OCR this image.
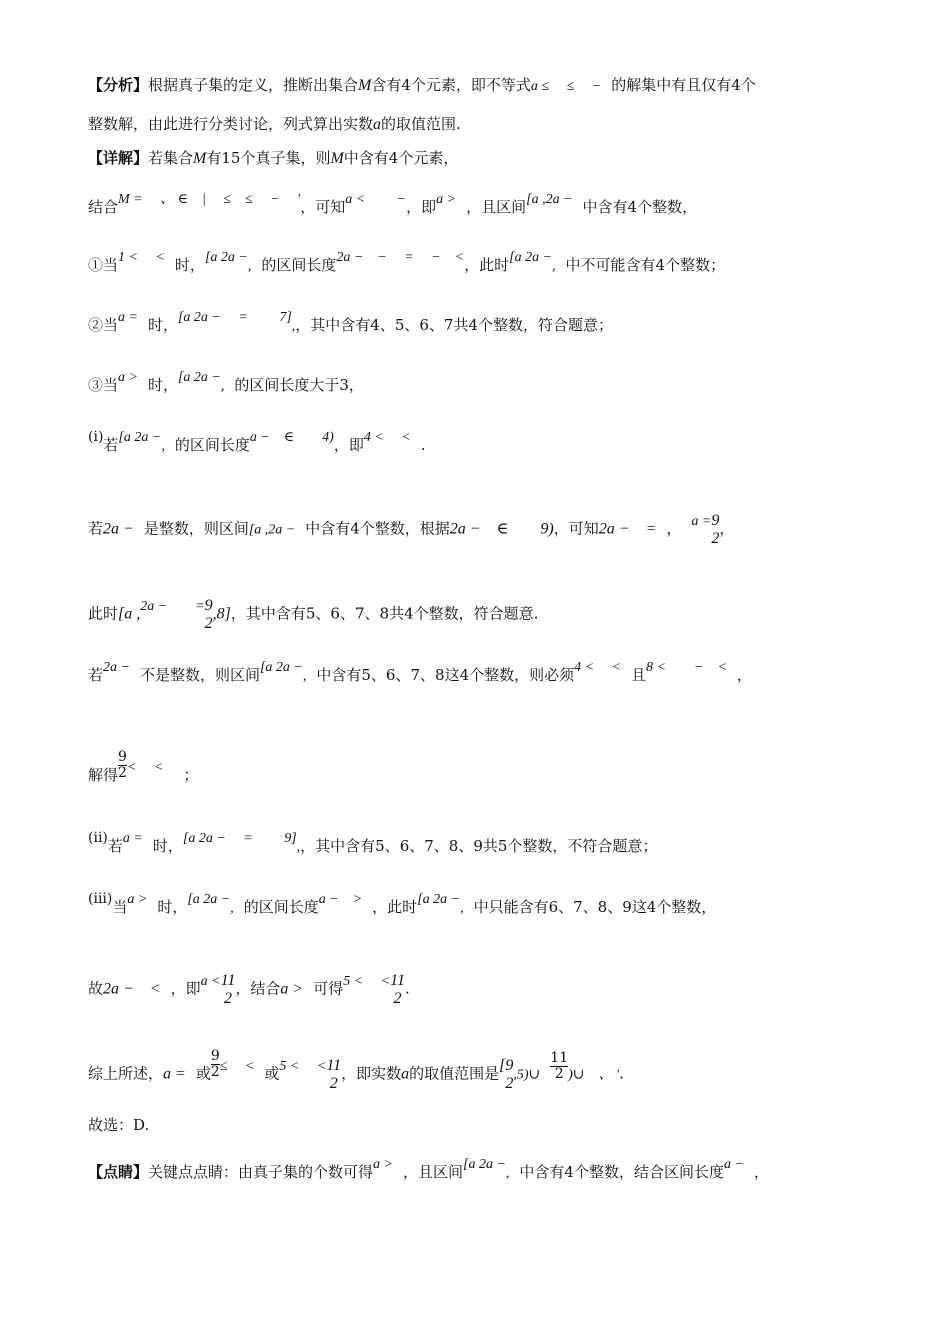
【分析】根据真子集的定义，推断出集合M含有4个元素，即不等式a ≤　 ≤　 − 的解集中有且仅有4个
整数解，由此进行分类讨论，列式算出实数a的取值范围.
【详解】若集合M有15个真子集，则M中含有4个元素，
结合M =　 、 ∈　|　 ≤　≤　 −　 ′，可知a <　　 −，即a > ，且区间[a ,2a − 中含有4个整数，
①当1 <　 < 时，[a 2a −, 的区间长度2a −　−　 =　 −　<，此时[a 2a −, 中不可能含有4个整数；
②当a = 时，[a 2a −　 =　　 7],，其中含有4、5、6、7共4个整数，符合题意；
③当a > 时，[a 2a −, 的区间长度大于3，
(i)若[a 2a −, 的区间长度a −　∈　　4)，即4 <　 < .
若2a − 是整数，则区间[a ,2a − 中含有4个整数，根据2a −　∈　　9)，可知2a −　= ， a = 9
2
，
此时[a ,2a −　　= 9
2
,8]，其中含有5、6、7、8共4个整数，符合题意.
若2a − 不是整数，则区间[a 2a −, 中含有5、6、7、8这4个整数，则必须4 <　 < 且8 <　　−　< ，
解得 $\frac{9}{2}$ <　 < ；
(ii)若a = 时，[a 2a −　 =　　 9],，其中含有5、6、7、8、9共5个整数，不符合题意；
(iii)当a > 时，[a 2a −, 的区间长度a −　> ，此时[a 2a −, 中只能含有6、7、8、9这4个整数，
故2a −　< ，即a < 11
2
，结合a > 可得5 <　 < 11
2
.
综上所述，a = 或 $\frac{9}{2}$ ≤　 < 或5 <　 < 11
2
，即实数a的取值范围是[ 9
2 ,5)∪ $\frac{11}{2}$ )∪　、 ′.
故选：D.
【点睛】关键点点睛：由真子集的个数可得a > ，且区间[a 2a −, 中含有4个整数，结合区间长度a − ，
